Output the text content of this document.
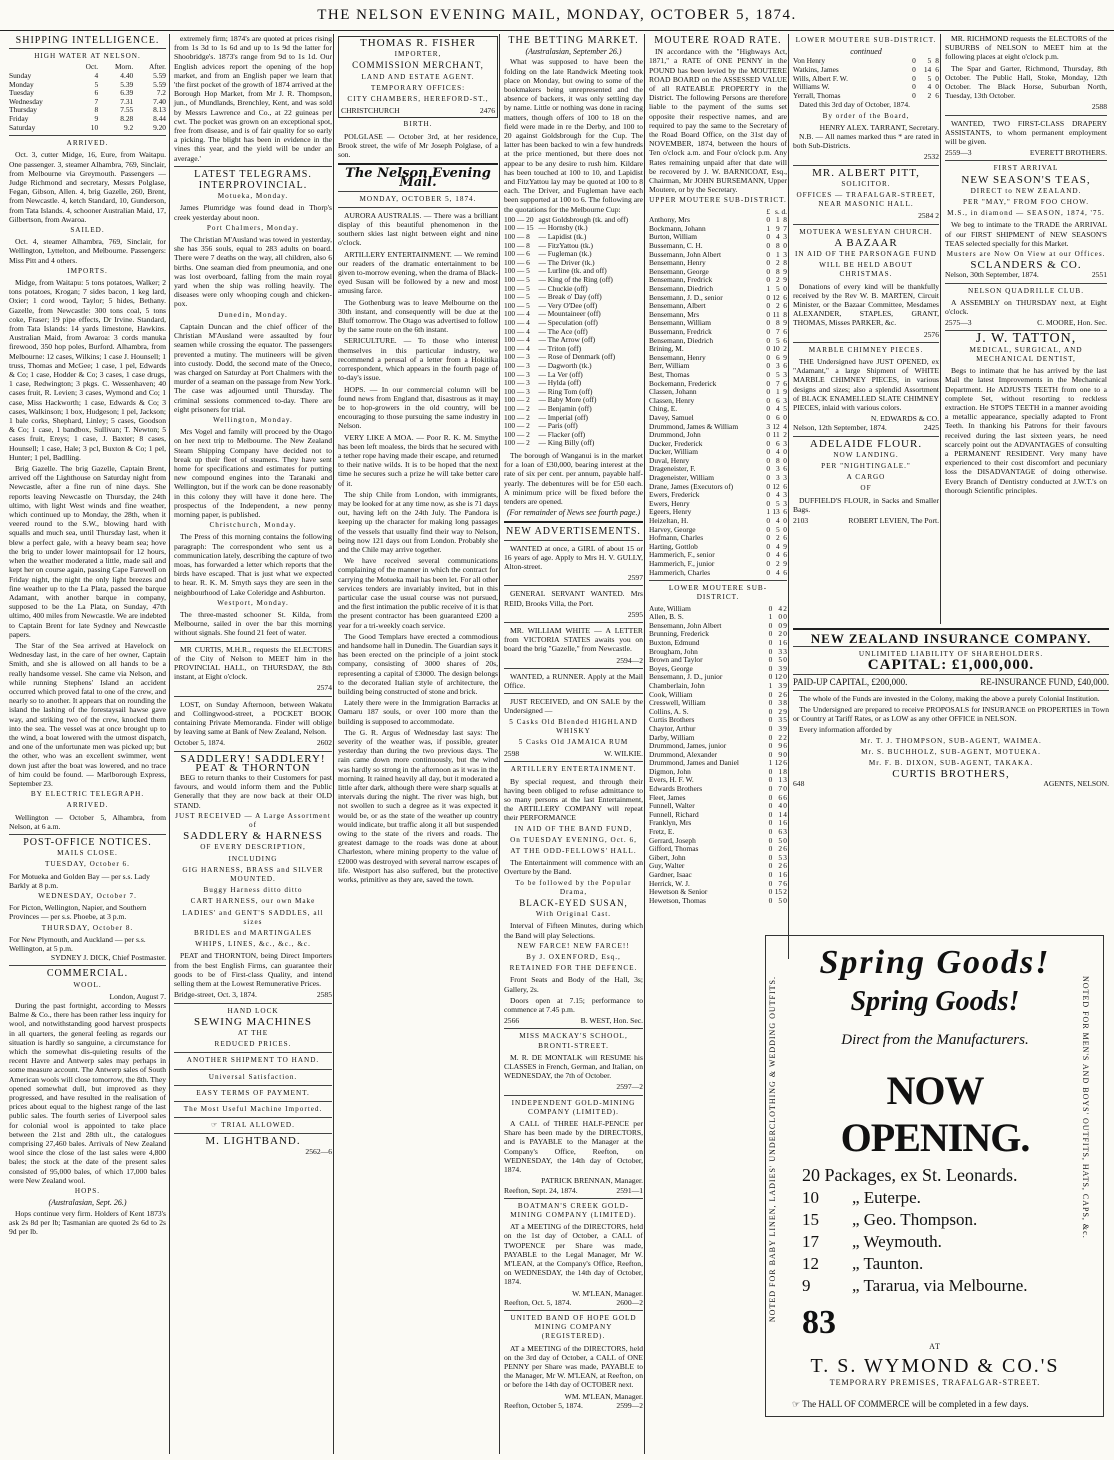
THE NELSON EVENING MAIL, MONDAY, OCTOBER 5, 1874.
SHIPPING INTELLIGENCE.
HIGH WATER AT NELSON.
	Oct.	Morn.	After.
Sunday	4	4.40	5.59
Monday	5	5.39	5.59
Tuesday	6	6.39	7.2
Wednesday	7	7.31	7.40
Thursday	8	7.55	8.13
Friday	9	8.28	8.44
Saturday	10	9.2	9.20
ARRIVED.

Oct. 3, cutter Midge, 16, Eure, from Waitapu. One passenger. 3, steamer Alhambra, 769, Sinclair, from Melbourne via Greymouth. Passengers — Judge Richmond and secretary, Messrs Polglase, Fegan, Gibson, Allen. 4, brig Gazelle, 260, Brent, from Newcastle. 4, ketch Standard, 10, Gunderson, from Tata Islands. 4, schooner Australian Maid, 17, Gilbertson, from Awaroa.

SAILED.

Oct. 4, steamer Alhambra, 769, Sinclair, for Wellington, Lyttelton, and Melbourne. Passengers: Miss Pitt and 4 others.

IMPORTS.

Midge, from Waitapu: 5 tons potatoes, Walker; 2 tons potatoes, Krogan; 7 sides bacon, 1 keg lard, Oxier; 1 cord wood, Taylor; 5 hides, Bethany. Gazelle, from Newcastle: 300 tons coal, 5 tons coke, Fraser; 19 pipe effects, Dr Irvine. Standard, from Tata Islands: 14 yards limestone, Hawkins. Australian Maid, from Awaroa: 3 cords manuka firewood, 350 hop poles, Burford. Alhambra, from Melbourne: 12 cases, Wilkins; 1 case J. Hounsell; 1 truss, Thomas and McGee; 1 case, 1 pel, Edwards & Co; 1 case, Hodder & Co; 3 cases, 1 case drugs, 1 case, Redwington; 3 pkgs. C. Wessenhaven; 40 cases fruit, R. Levien; 3 cases, Wymond and Co; 1 case, Miss Hackworth; 1 case, Edwards & Co; 3 cases, Walkinson; 1 box, Hudgeson; 1 pel, Jackson; 1 bale corks, Shephard, Linley; 5 cases, Goodson & Co; 1 case, 1 bandbox, Sullivan; T. Newton; 5 cases fruit, Ereys; 1 case, J. Baxter; 8 cases, Hounsell; 1 case, Hale; 3 pcl, Buxton & Co; 1 pel, Hunter; 1 pel, Badlling.

Brig Gazelle. The brig Gazelle, Captain Brent, arrived off the Lighthouse on Saturday night from Newcastle, after a fine run of nine days. She reports leaving Newcastle on Thursday, the 24th ultimo, with light West winds and fine weather, which continued up to Monday, the 28th, when it veered round to the S.W., blowing hard with squalls and much sea, until Thursday last, when it blew a perfect gale, with a heavy beam sea; hove the brig to under lower maintopsail for 12 hours, when the weather moderated a little, made sail and kept her on course again, passing Cape Farewell on Friday night, the night the only light breezes and fine weather up to the La Plata, passed the barque Adamant, with another barque in company, supposed to be the La Plata, on Sunday, 47th ultimo, 400 miles from Newcastle. We are indebted to Captain Brent for late Sydney and Newcastle papers.

The Star of the Sea arrived at Havelock on Wednesday last, in the care of her owner, Captain Smith, and she is allowed on all hands to be a really handsome vessel. She came via Nelson, and while running Stephens' Island an accident occurred which proved fatal to one of the crew, and nearly so to another. It appears that on rounding the island the lashing of the forestaysail hawse gave way, and striking two of the crew, knocked them into the sea. The vessel was at once brought up to the wind, a boat lowered with the utmost dispatch, and one of the unfortunate men was picked up; but the other, who was an excellent swimmer, went down just after the boat was lowered, and no trace of him could be found. — Marlborough Express, September 23.

BY ELECTRIC TELEGRAPH.
ARRIVED.

Wellington — October 5, Alhambra, from Nelson, at 6 a.m.

POST-OFFICE NOTICES.
MAILS CLOSE.
TUESDAY, October 6.
For Motueka and Golden Bay — per s.s. Lady Barkly at 8 p.m.
WEDNESDAY, October 7.
For Picton, Wellington, Napier, and Southern Provinces — per s.s. Phoebe, at 3 p.m.
THURSDAY, October 8.
For New Plymouth, and Auckland — per s.s. Wellington, at 5 p.m.
SYDNEY J. DICK, Chief Postmaster.
COMMERCIAL.
WOOL.
London, August 7.

During the past fortnight, according to Messrs Balme & Co., there has been rather less inquiry for wool, and notwithstanding good harvest prospects in all quarters, the general feeling as regards our situation is hardly so sanguine, a circumstance for which the somewhat dis-quieting results of the recent Havre and Antwerp sales may perhaps in some measure account. The Antwerp sales of South American wools will close tomorrow, the 8th. They opened somewhat dull, but improved as they progressed, and have resulted in the realisation of prices about equal to the highest range of the last public sales. The fourth series of Liverpool sales for colonial wool is appointed to take place between the 21st and 28th ult., the catalogues comprising 27,460 bales. Arrivals of New Zealand wool since the close of the last sales were 4,800 bales; the stock at the date of the present sales consisted of 95,000 bales, of which 17,000 bales were New Zealand wool.

HOPS.
(Australasian, Sept. 26.)

Hops continue very firm. Holders of Kent 1873's ask 2s 8d per lb; Tasmanian are quoted 2s 6d to 2s 9d per lb.

extremely firm; 1874's are quoted at prices rising from 1s 3d to 1s 6d and up to 1s 9d the latter for Shoobridge's. 1873's range from 9d to 1s 1d. Our English advices report the opening of the hop market, and from an English paper we learn that 'the first pocket of the growth of 1874 arrived at the Borough Hop Market, from Mr J. R. Thompson, jun., of Mundlands, Brenchley, Kent, and was sold by Messrs Lawrence and Co., at 22 guineas per cwt. The pocket was grown on an exceptional spot, free from disease, and is of fair quality for so early a picking. The blight has been in evidence in the vines this year, and the yield will be under an average.'

LATEST TELEGRAMS.
INTERPROVINCIAL.
Motueka, Monday.

James Plumridge was found dead in Thorp's creek yesterday about noon.

Port Chalmers, Monday.

The Christian M'Ausland was towed in yesterday, she has 356 souls, equal to 283 adults on board. There were 7 deaths on the way, all children, also 6 births. One seaman died from pneumonia, and one was lost overboard, falling from the main royal yard when the ship was rolling heavily. The diseases were only whooping cough and chicken-pox.

Dunedin, Monday.

Captain Duncan and the chief officer of the Christian M'Ausland were assaulted by four seamen while crossing the equator. The passengers prevented a mutiny. The mutineers will be given into custody. Dodd, the second mate of the Oneco, was charged on Saturday at Port Chalmers with the murder of a seaman on the passage from New York. The case was adjourned until Thursday. The criminal sessions commenced to-day. There are eight prisoners for trial.

Wellington, Monday.

Mrs Vogel and family will proceed by the Otago on her next trip to Melbourne. The New Zealand Steam Shipping Company have decided not to break up their fleet of steamers. They have sent home for specifications and estimates for putting new compound engines into the Taranaki and Wellington, but if the work can be done reasonably in this colony they will have it done here. The prospectus of the Independent, a new penny morning paper, is published.

Christchurch, Monday.

The Press of this morning contains the following paragraph: The correspondent who sent us a communication lately, describing the capture of two moas, has forwarded a letter which reports that the birds have escaped. That is just what we expected to hear. R. K. M. Smyth says they are seen in the neighbourhood of Lake Coleridge and Ashburton.

Westport, Monday.

The three-masted schooner St. Kilda, from Melbourne, sailed in over the bar this morning without signals. She found 21 feet of water.

MR CURTIS, M.H.R., requests the ELECTORS of the City of Nelson to MEET him in the PROVINCIAL HALL, on THURSDAY, the 8th instant, at Eight o'clock.

2574

LOST, on Sunday Afternoon, between Wakatu and Collingwood-street, a POCKET BOOK containing Private Memoranda. Finder will oblige by leaving same at Bank of New Zealand, Nelson.

October 5, 1874.	2602
SADDLERY! SADDLERY!
PEAT & THORNTON

BEG to return thanks to their Customers for past favours, and would inform them and the Public Generally that they are now back at their OLD STAND.

JUST RECEIVED — A Large Assortment of
SADDLERY & HARNESS
OF EVERY DESCRIPTION,
INCLUDING
GIG HARNESS, BRASS and SILVER MOUNTED.
Buggy Harness ditto ditto
CART HARNESS, our own Make
LADIES' and GENT'S SADDLES, all sizes
BRIDLES and MARTINGALES
WHIPS, LINES, &c., &c., &c.

PEAT and THORNTON, being Direct Importers from the best English Firms, can guarantee their goods to be of First-class Quality, and intend selling them at the Lowest Remunerative Prices.

Bridge-street, Oct. 3, 1874.	2585
HAND LOCK
SEWING MACHINES
AT THE
REDUCED PRICES.
ANOTHER SHIPMENT TO HAND.
Universal Satisfaction.
EASY TERMS OF PAYMENT.
The Most Useful Machine Imported.
☞ TRIAL ALLOWED.
M. LIGHTBAND.
2562—6
THOMAS R. FISHER
IMPORTER,
COMMISSION MERCHANT,
LAND AND ESTATE AGENT.
TEMPORARY OFFICES:
CITY CHAMBERS, HEREFORD-ST.,
CHRISTCHURCH	2476
BIRTH.

POLGLASE — October 3rd, at her residence, Brook street, the wife of Mr Joseph Polglase, of a son.

The Nelson Evening Mail.
MONDAY, OCTOBER 5, 1874.

AURORA AUSTRALIS. — There was a brilliant display of this beautiful phenomenon in the southern skies last night between eight and nine o'clock.

ARTILLERY ENTERTAINMENT. — We remind our readers of the dramatic entertainment to be given to-morrow evening, when the drama of Black-eyed Susan will be followed by a new and most amusing farce.

The Gothenburg was to leave Melbourne on the 30th instant, and consequently will be due at the Bluff tomorrow. The Otago was advertised to follow by the same route on the 6th instant.

SERICULTURE. — To those who interest themselves in this particular industry, we recommend a perusal of a letter from a Hokitika correspondent, which appears in the fourth page of to-day's issue.

HOPS. — In our commercial column will be found news from England that, disastrous as it may be to hop-growers in the old country, will be encouraging to those pursuing the same industry in Nelson.

VERY LIKE A MOA. — Poor R. K. M. Smythe has been left moaless, the birds that he secured with a tether rope having made their escape, and returned to their native wilds. It is to be hoped that the next time he secures such a prize he will take better care of it.

The ship Chile from London, with immigrants, may be looked for at any time now, as she is 71 days out, having left on the 24th July. The Pandora is keeping up the character for making long passages of the vessels that usually find their way to Nelson, being now 121 days out from London. Probably she and the Chile may arrive together.

We have received several communications complaining of the manner in which the contract for carrying the Motueka mail has been let. For all other services tenders are invariably invited, but in this particular case the usual course was not pursued, and the first intimation the public receive of it is that the present contractor has been guaranteed £200 a year for a tri-weekly coach service.

The Good Templars have erected a commodious and handsome hall in Dunedin. The Guardian says it has been erected on the principle of a joint stock company, consisting of 3000 shares of 20s, representing a capital of £3000. The design belongs to the decorated Italian style of architecture, the building being constructed of stone and brick.

Lately there were in the Immigration Barracks at Oamaru 187 souls, or over 100 more than the building is supposed to accommodate.

The G. R. Argus of Wednesday last says: The severity of the weather was, if possible, greater yesterday than during the two previous days. The rain came down more continuously, but the wind was hardly so strong in the afternoon as it was in the morning. It rained heavily all day, but it moderated a little after dark, although there were sharp squalls at intervals during the night. The river was high, but not swollen to such a degree as it was expected it would be, or as the state of the weather up country would indicate, but traffic along it all but suspended owing to the state of the rivers and roads. The greatest damage to the roads was done at about Charleston, where mining property to the value of £2000 was destroyed with several narrow escapes of life. Westport has also suffered, but the protective works, primitive as they are, saved the town.

THE BETTING MARKET.
(Australasian, September 26.)

What was supposed to have been the folding on the late Randwick Meeting took place on Monday, but owing to some of the bookmakers being unrepresented and the absence of backers, it was only settling day by name. Little or nothing was done in racing matters, though offers of 100 to 18 on the field were made in re the Derby, and 100 to 20 against Goldsbrough for the Cup. The latter has been backed to win a few hundreds at the price mentioned, but there does not appear to be any desire to rush him. Kildare has been touched at 100 to 10, and Lapidist and FitzYattou lay may be quoted at 100 to 8 each. The Driver, and Fugleman have each been supported at 100 to 6. The following are the quotations for the Melbourne Cup:

100 — 20	agst Goldsbrough (tk. and off)
100 — 15	— Hornsby (tk.)
100 — 8	— Lapidist (tk.)
100 — 8	— FitzYattou (tk.)
100 — 6	— Fugleman (tk.)
100 — 6	— The Driver (tk.)
100 — 5	— Lurline (tk. and off)
100 — 5	— King of the Ring (off)
100 — 5	— Chuckie (off)
100 — 5	— Break o' Day (off)
100 — 5	— Very O'Dee (off)
100 — 4	— Mountaineer (off)
100 — 4	— Speculation (off)
100 — 4	— The Ace (off)
100 — 4	— The Arrow (off)
100 — 4	— Triton (off)
100 — 3	— Rose of Denmark (off)
100 — 3	— Dagworth (tk.)
100 — 3	— La Ver (off)
100 — 3	— Hylda (off)
100 — 3	— Ring Tom (off)
100 — 2	— Baby More (off)
100 — 2	— Benjamin (off)
100 — 2	— Imperial (off)
100 — 2	— Paris (off)
100 — 2	— Flacker (off)
100 — 2	— King Billy (off)

The borough of Wanganui is in the market for a loan of £30,000, bearing interest at the rate of six per cent. per annum, payable half-yearly. The debentures will be for £50 each. A minimum price will be fixed before the tenders are opened.

(For remainder of News see fourth page.)
NEW ADVERTISEMENTS.

WANTED at once, a GIRL of about 15 or 16 years of age. Apply to Mrs H. V. GULLY, Alton-street.

2597

GENERAL SERVANT WANTED. Mrs REID, Brooks Villa, the Port.

2595

MR. WILLIAM WHITE — A LETTER from VICTORIA STATES awaits you on board the brig "Gazelle," from Newcastle.

2594—2

WANTED, a RUNNER. Apply at the Mail Office.

JUST RECEIVED, and ON SALE by the Undersigned —

5 Casks Old Blended HIGHLAND WHISKY
5 Casks Old JAMAICA RUM
2598	W. WILKIE.
ARTILLERY ENTERTAINMENT.

By special request, and through their having been obliged to refuse admittance to so many persons at the last Entertainment, the ARTILLERY COMPANY will repeat their PERFORMANCE

IN AID OF THE BAND FUND,
On TUESDAY EVENING, Oct. 6,
AT THE ODD-FELLOWS' HALL.

The Entertainment will commence with an Overture by the Band.

To be followed by the Popular Drama,
BLACK-EYED SUSAN,
With Original Cast.

Interval of Fifteen Minutes, during which the Band will play Selections.

NEW FARCE! NEW FARCE!!
By J. OXENFORD, Esq.,
RETAINED FOR THE DEFENCE.

Front Seats and Body of the Hall, 3s; Gallery, 2s.

Doors open at 7.15; performance to commence at 7.45 p.m.

2566	B. WEST, Hon. Sec.
MISS MACKAY'S SCHOOL, BRONTI-STREET.

M. R. DE MONTALK will RESUME his CLASSES in French, German, and Italian, on WEDNESDAY, the 7th of October.

2597—2
INDEPENDENT GOLD-MINING COMPANY (LIMITED).

A CALL of THREE HALF-PENCE per Share has been made by the DIRECTORS, and is PAYABLE to the Manager at the Company's Office, Reefton, on WEDNESDAY, the 14th day of October, 1874.

PATRICK BRENNAN, Manager.
Reefton, Sept. 24, 1874.	2591—1
BOATMAN'S CREEK GOLD-MINING COMPANY (LIMITED).

AT a MEETING of the DIRECTORS, held on the 1st day of October, a CALL of TWOPENCE per Share was made, PAYABLE to the Legal Manager, Mr W. M'LEAN, at the Company's Office, Reefton, on WEDNESDAY, the 14th day of October, 1874.

W. M'LEAN, Manager.
Reefton, Oct. 5, 1874.	2600—2
UNITED BAND OF HOPE GOLD MINING COMPANY (REGISTERED).

AT a MEETING of the DIRECTORS, held on the 3rd day of October, a CALL of ONE PENNY per Share was made, PAYABLE to the Manager, Mr W. M'LEAN, at Reefton, on or before the 14th day of OCTOBER next.

WM. M'LEAN, Manager.
Reefton, October 5, 1874.	2599—2
MOUTERE ROAD RATE.

IN accordance with the "Highways Act, 1871," a RATE of ONE PENNY in the POUND has been levied by the MOUTERE ROAD BOARD on the ASSESSED VALUE of all RATEABLE PROPERTY in the District. The following Persons are therefore liable to the payment of the sums set opposite their respective names, and are required to pay the same to the Secretary of the Road Board Office, on the 31st day of NOVEMBER, 1874, between the hours of Ten o'clock a.m. and Four o'clock p.m. Any Rates remaining unpaid after that date will be recovered by J. W. BARNICOAT, Esq., Chairman, Mr JOHN BURSEMANN, Upper Moutere, or by the Secretary.

UPPER MOUTERE SUB-DISTRICT.
	£	s.	d.
Anthony, Mrs	0	1	8
Bockmann, Johann	1	9	7
Burton, William	0	4	3
Bussemann, C. H.	0	8	0
Bussemann, John Albert	0	1	3
Bensemann, Henry	0	2	8
Bensemann, George	0	8	9
Bensemann, Fredrick	0	2	9
Bensemann, Diedrich	1	5	0
Bensemann, J. D., senior	0	12	6
Bensemann, Albert	0	2	6
Bensemann, Mrs	0	11	8
Bensemann, William	0	8	9
Bussemann, Fredrick	0	7	6
Bensemann, Diedrich	0	5	6
Brining, M.	0	10	2
Bensemann, Henry	0	6	9
Berr, William	0	3	6
Best, Thomas	0	5	3
Bockemann, Frederick	0	7	6
Classen, Johann	0	1	9
Classen, Henry	0	6	3
Ching, E.	0	4	5
Davey, Samuel	0	6	0
Drummond, James & William	3	12	4
Drummond, John	0	11	2
Ducker, Frederick	0	6	3
Ducker, William	0	4	0
Duval, Henry	0	8	0
Drageneister, F.	0	3	6
Drageneister, William	0	3	3
Drane, James (Executors of)	0	12	6
Ewers, Frederick	0	4	3
Ewers, Henry	0	5	3
Egeers, Henry	1	13	6
Heizeltan, H.	0	4	0
Harvey, George	0	5	0
Hofmann, Charles	0	2	6
Harting, Gottlob	0	4	9
Hammerich, F., senior	0	4	6
Hammerich, F., junior	0	2	9
Hammerich, Charles	0	4	6
LOWER MOUTERE SUB-DISTRICT.
Aute, William	0	4	2
Allen, B. S.	1	0	0
Bensemann, John Albert	0	0	9
Brunning, Frederick	0	2	0
Buxton, Edmund	0	1	6
Brougham, John	0	3	3
Brown and Taylor	0	5	0
Boyes, George	0	3	9
Bensemann, J. D., junior	0	12	0
Chamberlain, John	1	3	9
Cook, William	0	2	6
Cresswell, William	0	3	8
Collins, A. S.	0	2	9
Curtis Brothers	0	3	5
Chaytor, Arthur	0	3	9
Darby, William	0	2	2
Drummond, James, junior	0	9	6
Drummond, Alexander	0	9	0
Drummond, James and Daniel	1	12	6
Digmon, John	0	1	8
Evers, H. F. W.	0	1	3
Edwards Brothers	0	7	0
Fleet, James	0	6	6
Funnell, Walter	0	4	0
Funnell, Richard	0	1	4
Franklyn, Mrs	0	1	6
Fretz, E.	0	6	3
Gerrard, Joseph	0	5	0
Gifford, Thomas	0	2	6
Gibert, John	0	5	3
Guy, Walter	0	2	6
Gardner, Isaac	0	1	6
Herrick, W. J.	0	7	6
Hewetson & Senior	0	15	2
Hewetson, Thomas	0	5	0
LOWER MOUTERE SUB-DISTRICT.
continued
Von Henry	0	5	8
Watkins, James	0	14	6
Wills, Albert F. W.	0	5	0
Williams W.	0	4	0
Yerrall, Thomas	0	2	6

Dated this 3rd day of October, 1874.

By order of the Board,
HENRY ALEX. TARRANT, Secretary.

N.B. — All names marked thus * are rated in both Sub-Districts.

2532
MR. ALBERT PITT,
SOLICITOR.
OFFICES — TRAFALGAR-STREET, NEAR MASONIC HALL.
2584 2
MOTUEKA WESLEYAN CHURCH.
A BAZAAR
IN AID OF THE PARSONAGE FUND
WILL BE HELD ABOUT CHRISTMAS.

Donations of every kind will be thankfully received by the Rev W. B. MARTEN, Circuit Minister, or the Bazaar Committee, Mesdames ALEXANDER, STAPLES, GRANT, THOMAS, Misses PARKER, &c.

2576
MARBLE CHIMNEY PIECES.

THE Undersigned have JUST OPENED, ex "Adamant," a large Shipment of WHITE MARBLE CHIMNEY PIECES, in various designs and sizes; also a splendid Assortment of BLACK ENAMELLED SLATE CHIMNEY PIECES, inlaid with various colors.

N. EDWARDS & CO.
Nelson, 12th September, 1874.	2425
ADELAIDE FLOUR.
NOW LANDING.
PER "NIGHTINGALE."
A CARGO
OF

DUFFIELD'S FLOUR, in Sacks and Smaller Bags.

2103	ROBERT LEVIEN, The Port.

MR. RICHMOND requests the ELECTORS of the SUBURBS of NELSON to MEET him at the following places at eight o'clock p.m.

The Spar and Garter, Richmond, Thursday, 8th October. The Public Hall, Stoke, Monday, 12th October. The Black Horse, Suburban North, Tuesday, 13th October.

2588

WANTED, TWO FIRST-CLASS DRAPERY ASSISTANTS, to whom permanent employment will be given.

2559—3	EVERETT BROTHERS.
FIRST ARRIVAL
NEW SEASON'S TEAS,
DIRECT to NEW ZEALAND.
PER "MAY," FROM FOO CHOW.
M.S., in diamond — SEASON, 1874, '75.

We beg to intimate to the TRADE the ARRIVAL of our FIRST SHIPMENT of NEW SEASON'S TEAS selected specially for this Market.

Musters are Now On View at our Offices.
SCLANDERS & CO.
Nelson, 30th September, 1874.	2551
NELSON QUADRILLE CLUB.

A ASSEMBLY on THURSDAY next, at Eight o'clock.

2575—3	C. MOORE, Hon. Sec.
J. W. TATTON,
MEDICAL, SURGICAL, AND MECHANICAL DENTIST,

Begs to intimate that he has arrived by the last Mail the latest Improvements in the Mechanical Department. He ADJUSTS TEETH from one to a complete Set, without resorting to reckless extraction. He STOPS TEETH in a manner avoiding a metallic appearance, specially adapted to Front Teeth. In thanking his Patrons for their favours received during the last sixteen years, he need scarcely point out the ADVANTAGES of consulting a PERMANENT RESIDENT. Very many have experienced to their cost discomfort and pecuniary loss the DISADVANTAGE of doing otherwise. Every Branch of Dentistry conducted at J.W.T.'s on thorough Scientific principles.

NEW ZEALAND INSURANCE COMPANY.
UNLIMITED LIABILITY OF SHAREHOLDERS.
CAPITAL: £1,000,000.
PAID-UP CAPITAL, £200,000.	RE-INSURANCE FUND, £40,000.

The whole of the Funds are invested in the Colony, making the above a purely Colonial Institution.

The Undersigned are prepared to receive PROPOSALS for INSURANCE on PROPERTIES in Town or Country at Tariff Rates, or as LOW as any other OFFICE in NELSON.

Every information afforded by

Mr. T. J. THOMPSON, SUB-AGENT, WAIMEA.
Mr. S. BUCHHOLZ, SUB-AGENT, MOTUEKA.
Mr. F. B. DIXON, SUB-AGENT, TAKAKA.
CURTIS BROTHERS,
648	AGENTS, NELSON.
NOTED FOR BABY LINEN, LADIES' UNDERCLOTHING & WEDDING OUTFITS.	NOTED FOR MEN'S AND BOYS' OUTFITS, HATS, CAPS, &c.
Spring Goods!
Spring Goods!
Direct from the Manufacturers.
NOW OPENING.
20 Packages, ex St. Leonards.
10	„ Euterpe.
15	„ Geo. Thompson.
17	„ Weymouth.
12	„ Taunton.
9	„ Tararua, via Melbourne.
83
AT
T. S. WYMOND & CO.'S
TEMPORARY PREMISES, TRAFALGAR-STREET.
☞ The HALL OF COMMERCE will be completed in a few days.
